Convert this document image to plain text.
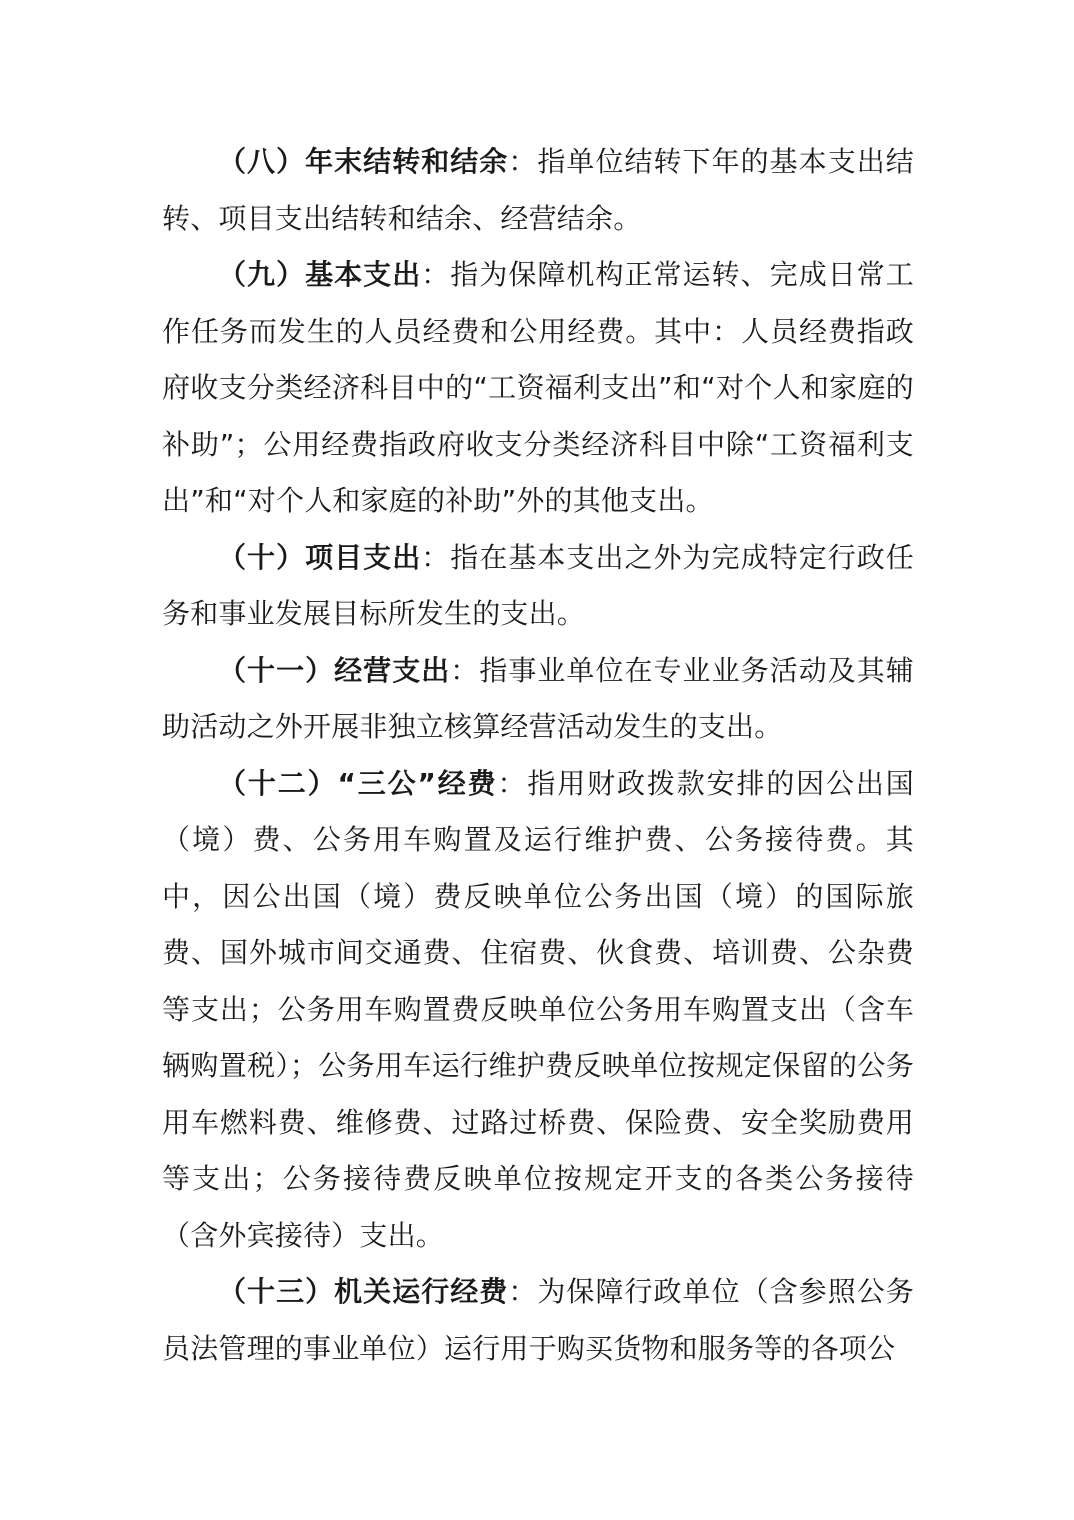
（八）年末结转和结余：指单位结转下年的基本支出结转、项目支出结转和结余、经营结余。

（九）基本支出：指为保障机构正常运转、完成日常工作任务而发生的人员经费和公用经费。其中：人员经费指政府收支分类经济科目中的“工资福利支出”和“对个人和家庭的补助”；公用经费指政府收支分类经济科目中除“工资福利支出”和“对个人和家庭的补助”外的其他支出。

（十）项目支出：指在基本支出之外为完成特定行政任务和事业发展目标所发生的支出。

（十一）经营支出：指事业单位在专业业务活动及其辅助活动之外开展非独立核算经营活动发生的支出。

（十二）“三公”经费：指用财政拨款安排的因公出国（境）费、公务用车购置及运行维护费、公务接待费。其中，因公出国（境）费反映单位公务出国（境）的国际旅费、国外城市间交通费、住宿费、伙食费、培训费、公杂费等支出；公务用车购置费反映单位公务用车购置支出（含车辆购置税）；公务用车运行维护费反映单位按规定保留的公务用车燃料费、维修费、过路过桥费、保险费、安全奖励费用等支出；公务接待费反映单位按规定开支的各类公务接待（含外宾接待）支出。

（十三）机关运行经费：为保障行政单位（含参照公务员法管理的事业单位）运行用于购买货物和服务等的各项公
